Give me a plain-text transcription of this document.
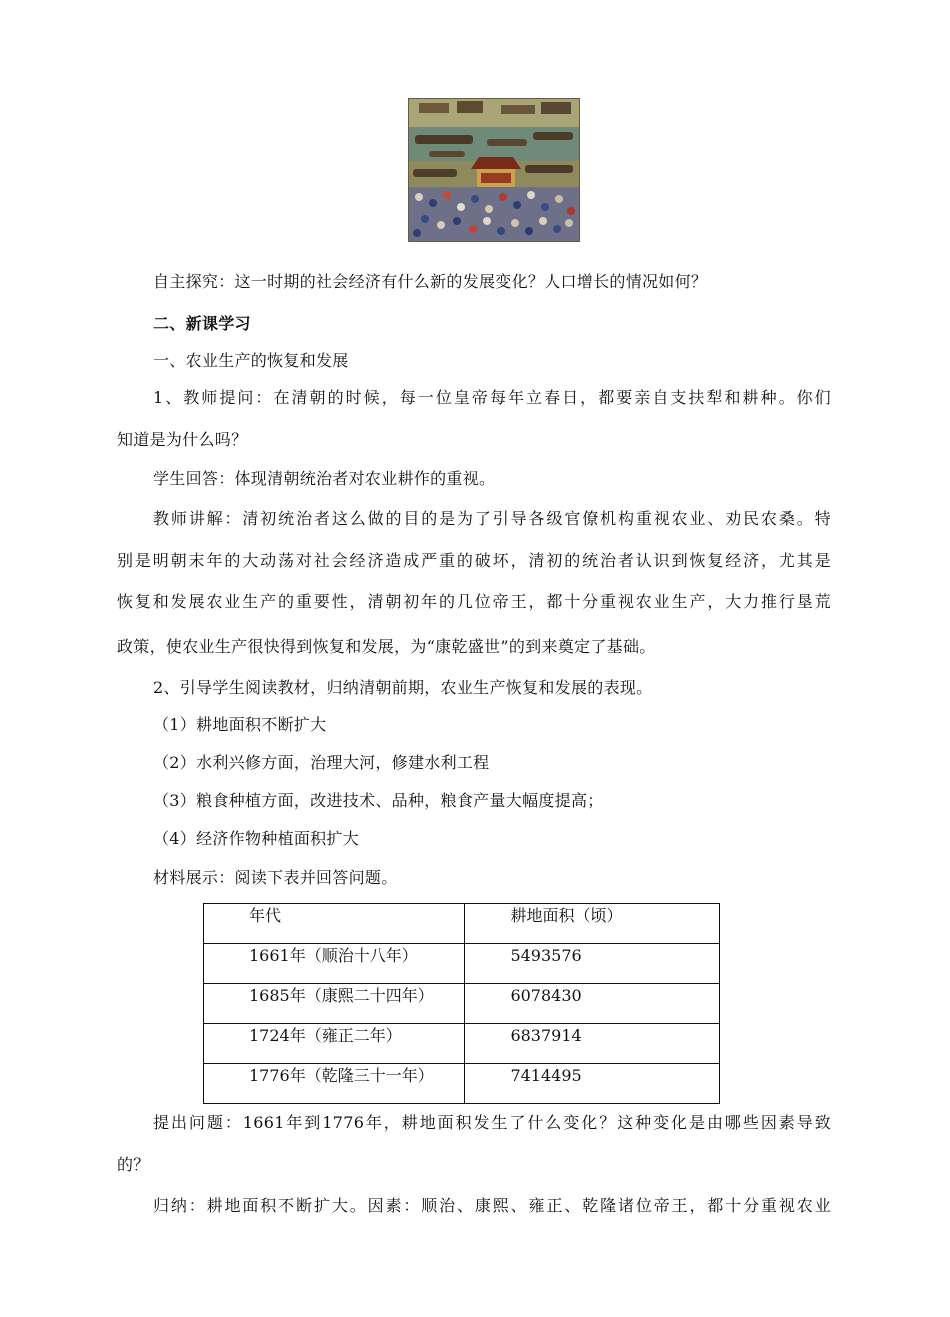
自主探究：这一时期的社会经济有什么新的发展变化？人口增长的情况如何？
二、新课学习
一、农业生产的恢复和发展
1、教师提问：在清朝的时候，每一位皇帝每年立春日，都要亲自支扶犁和耕种。你们
知道是为什么吗？
学生回答：体现清朝统治者对农业耕作的重视。
教师讲解：清初统治者这么做的目的是为了引导各级官僚机构重视农业、劝民农桑。特
别是明朝末年的大动荡对社会经济造成严重的破坏，清初的统治者认识到恢复经济，尤其是
恢复和发展农业生产的重要性，清朝初年的几位帝王，都十分重视农业生产，大力推行垦荒
政策，使农业生产很快得到恢复和发展，为“康乾盛世”的到来奠定了基础。
2、引导学生阅读教材，归纳清朝前期，农业生产恢复和发展的表现。
（1）耕地面积不断扩大
（2）水利兴修方面，治理大河，修建水利工程
（3）粮食种植方面，改进技术、品种，粮食产量大幅度提高；
（4）经济作物种植面积扩大
材料展示：阅读下表并回答问题。
年代	耕地面积（顷）

1661年（顺治十八年）	5493576

1685年（康熙二十四年）	6078430

1724年（雍正二年）	6837914

1776年（乾隆三十一年）	7414495
提出问题：1661年到1776年，耕地面积发生了什么变化？这种变化是由哪些因素导致
的？
归纳：耕地面积不断扩大。因素：顺治、康熙、雍正、乾隆诸位帝王，都十分重视农业
